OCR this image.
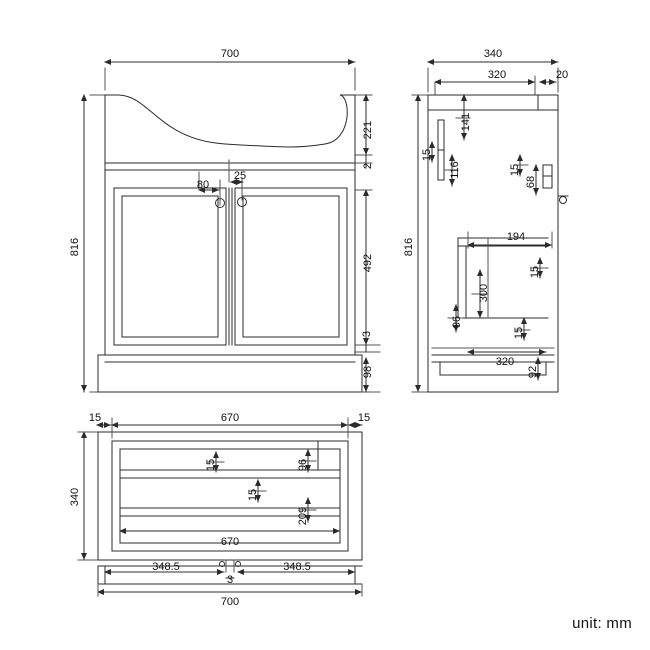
700
816
221
2
492
3
98
80
25
340
320	20
141
116
15
15
68
816
194
15
300
96
15
320
92
670
15	15
340
15	96
15
209
670
348.5	348.5
3
700
unit: mm
